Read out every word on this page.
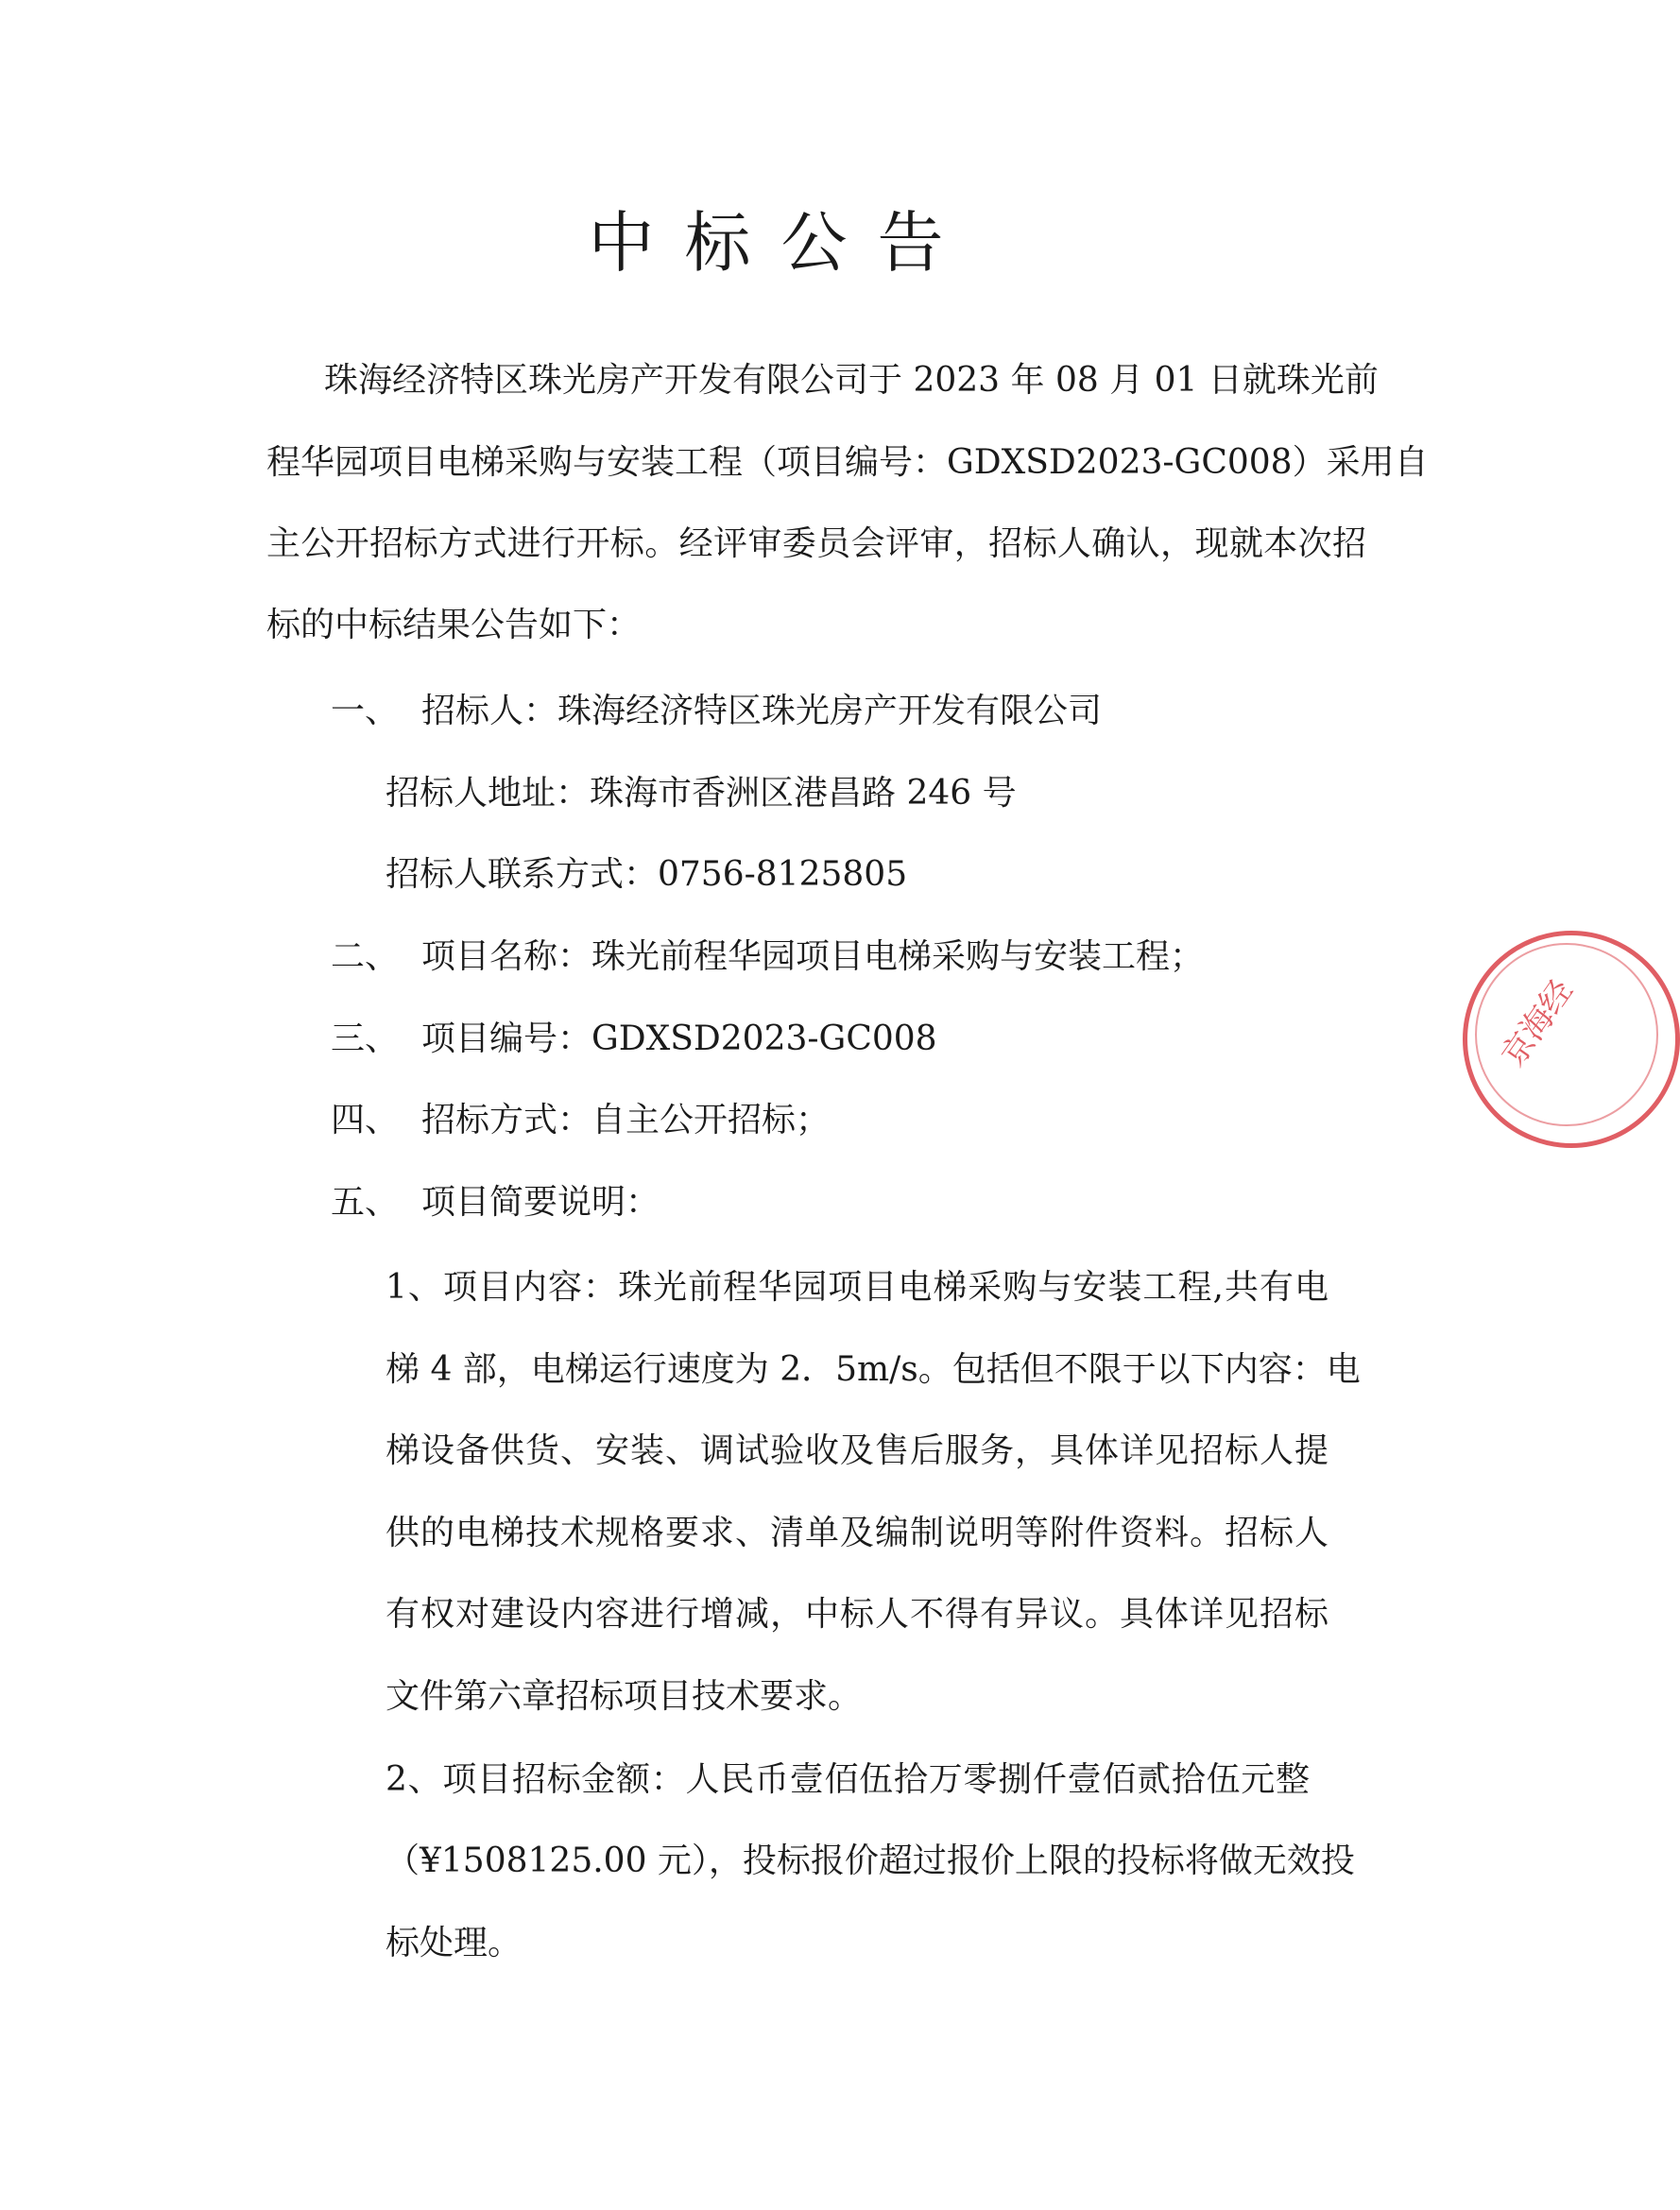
中标公告

珠海经济特区珠光房产开发有限公司于 2023 年 08 月 01 日就珠光前

程华园项目电梯采购与安装工程（项目编号：GDXSD2023-GC008）采用自

主公开招标方式进行开标。经评审委员会评审，招标人确认，现就本次招

标的中标结果公告如下：

一、 招标人：珠海经济特区珠光房产开发有限公司

招标人地址：珠海市香洲区港昌路 246 号

招标人联系方式：0756-8125805

二、 项目名称：珠光前程华园项目电梯采购与安装工程；

三、 项目编号：GDXSD2023-GC008

四、 招标方式：自主公开招标；

五、 项目简要说明：

1、项目内容：珠光前程华园项目电梯采购与安装工程,共有电

梯 4 部，电梯运行速度为 2．5m/s。包括但不限于以下内容：电

梯设备供货、安装、调试验收及售后服务，具体详见招标人提

供的电梯技术规格要求、清单及编制说明等附件资料。招标人

有权对建设内容进行增减，中标人不得有异议。具体详见招标

文件第六章招标项目技术要求。

2、项目招标金额：人民币壹佰伍拾万零捌仟壹佰贰拾伍元整

（¥1508125.00 元），投标报价超过报价上限的投标将做无效投

标处理。

京海经
